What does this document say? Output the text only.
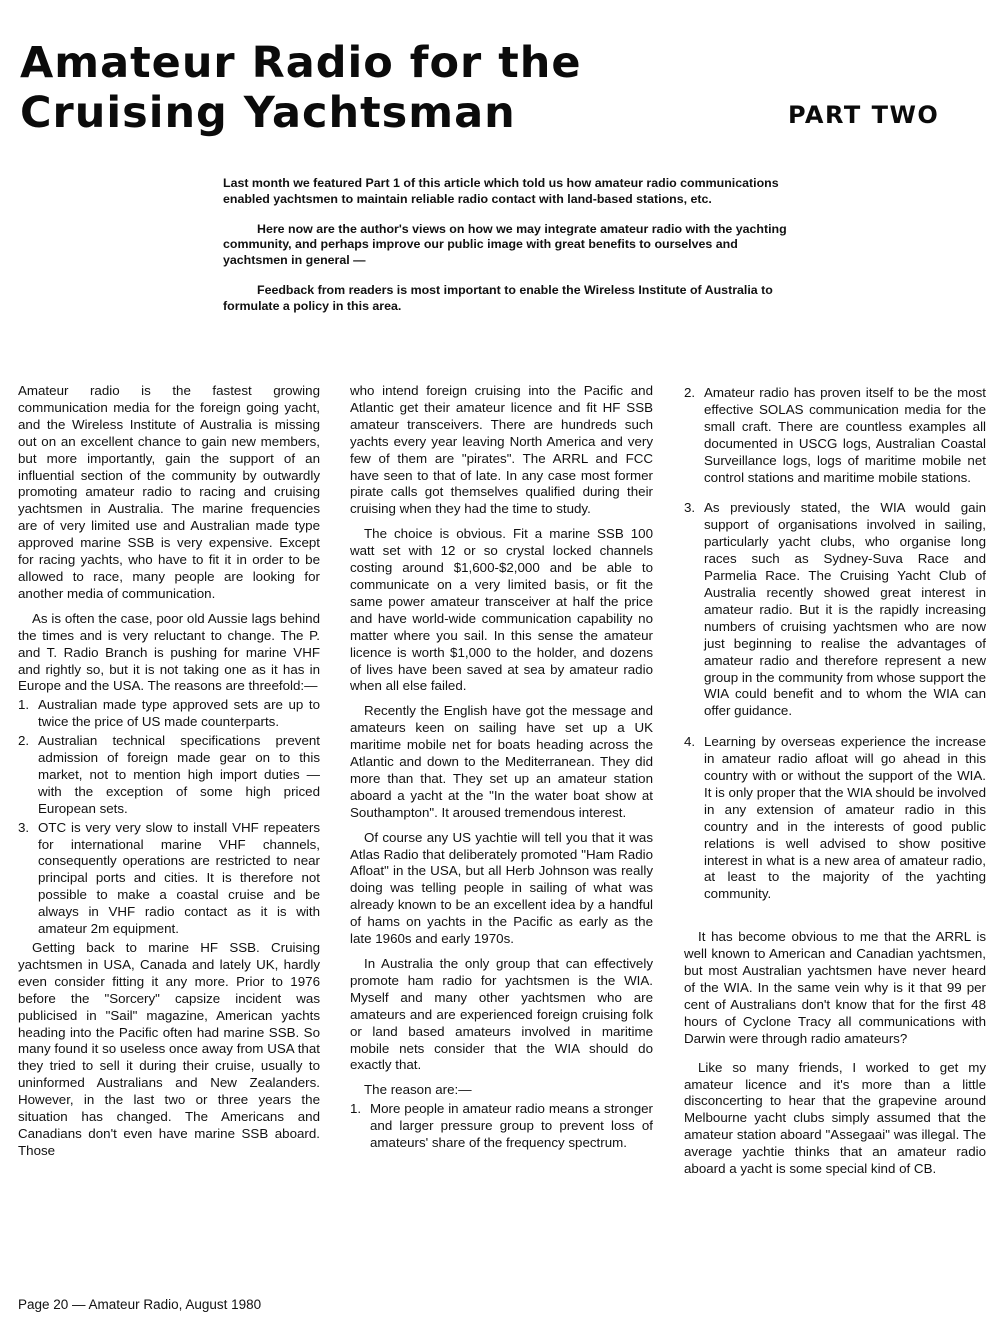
Amateur Radio for the
Cruising Yachtsman	PART TWO

Last month we featured Part 1 of this article which told us how amateur radio communications enabled yachtsmen to maintain reliable radio contact with land-based stations, etc.

Here now are the author's views on how we may integrate amateur radio with the yachting community, and perhaps improve our public image with great benefits to ourselves and yachtsmen in general —

Feedback from readers is most important to enable the Wireless Institute of Australia to formulate a policy in this area.

Amateur radio is the fastest growing communication media for the foreign going yacht, and the Wireless Institute of Australia is missing out on an excellent chance to gain new members, but more importantly, gain the support of an influential section of the community by outwardly promoting amateur radio to racing and cruising yachtsmen in Australia. The marine frequencies are of very limited use and Australian made type approved marine SSB is very expensive. Except for racing yachts, who have to fit it in order to be allowed to race, many people are looking for another media of communication.

As is often the case, poor old Aussie lags behind the times and is very reluctant to change. The P. and T. Radio Branch is pushing for marine VHF and rightly so, but it is not taking one as it has in Europe and the USA. The reasons are threefold:—

1. Australian made type approved sets are up to twice the price of US made counterparts.
2. Australian technical specifications prevent admission of foreign made gear on to this market, not to mention high import duties — with the exception of some high priced European sets.
3. OTC is very very slow to install VHF repeaters for international marine VHF channels, consequently operations are restricted to near principal ports and cities. It is therefore not possible to make a coastal cruise and be always in VHF radio contact as it is with amateur 2m equipment.

Getting back to marine HF SSB. Cruising yachtsmen in USA, Canada and lately UK, hardly even consider fitting it any more. Prior to 1976 before the "Sorcery" capsize incident was publicised in "Sail" magazine, American yachts heading into the Pacific often had marine SSB. So many found it so useless once away from USA that they tried to sell it during their cruise, usually to uninformed Australians and New Zealanders. However, in the last two or three years the situation has changed. The Americans and Canadians don't even have marine SSB aboard. Those

who intend foreign cruising into the Pacific and Atlantic get their amateur licence and fit HF SSB amateur transceivers. There are hundreds such yachts every year leaving North America and very few of them are "pirates". The ARRL and FCC have seen to that of late. In any case most former pirate calls got themselves qualified during their cruising when they had the time to study.

The choice is obvious. Fit a marine SSB 100 watt set with 12 or so crystal locked channels costing around $1,600-$2,000 and be able to communicate on a very limited basis, or fit the same power amateur transceiver at half the price and have world-wide communication capability no matter where you sail. In this sense the amateur licence is worth $1,000 to the holder, and dozens of lives have been saved at sea by amateur radio when all else failed.

Recently the English have got the message and amateurs keen on sailing have set up a UK maritime mobile net for boats heading across the Atlantic and down to the Mediterranean. They did more than that. They set up an amateur station aboard a yacht at the "In the water boat show at Southampton". It aroused tremendous interest.

Of course any US yachtie will tell you that it was Atlas Radio that deliberately promoted "Ham Radio Afloat" in the USA, but all Herb Johnson was really doing was telling people in sailing of what was already known to be an excellent idea by a handful of hams on yachts in the Pacific as early as the late 1960s and early 1970s.

In Australia the only group that can effectively promote ham radio for yachtsmen is the WIA. Myself and many other yachtsmen who are amateurs and are experienced foreign cruising folk or land based amateurs involved in maritime mobile nets consider that the WIA should do exactly that.

The reason are:—

1. More people in amateur radio means a stronger and larger pressure group to prevent loss of amateurs' share of the frequency spectrum.
2. Amateur radio has proven itself to be the most effective SOLAS communication media for the small craft. There are countless examples all documented in USCG logs, Australian Coastal Surveillance logs, logs of maritime mobile net control stations and maritime mobile stations.
3. As previously stated, the WIA would gain support of organisations involved in sailing, particularly yacht clubs, who organise long races such as Sydney-Suva Race and Parmelia Race. The Cruising Yacht Club of Australia recently showed great interest in amateur radio. But it is the rapidly increasing numbers of cruising yachtsmen who are now just beginning to realise the advantages of amateur radio and therefore represent a new group in the community from whose support the WIA could benefit and to whom the WIA can offer guidance.
4. Learning by overseas experience the increase in amateur radio afloat will go ahead in this country with or without the support of the WIA. It is only proper that the WIA should be involved in any extension of amateur radio in this country and in the interests of good public relations is well advised to show positive interest in what is a new area of amateur radio, at least to the majority of the yachting community.

It has become obvious to me that the ARRL is well known to American and Canadian yachtsmen, but most Australian yachtsmen have never heard of the WIA. In the same vein why is it that 99 per cent of Australians don't know that for the first 48 hours of Cyclone Tracy all communications with Darwin were through radio amateurs?

Like so many friends, I worked to get my amateur licence and it's more than a little disconcerting to hear that the grapevine around Melbourne yacht clubs simply assumed that the amateur station aboard "Assegaai" was illegal. The average yachtie thinks that an amateur radio aboard a yacht is some special kind of CB.

Page 20 — Amateur Radio, August 1980
